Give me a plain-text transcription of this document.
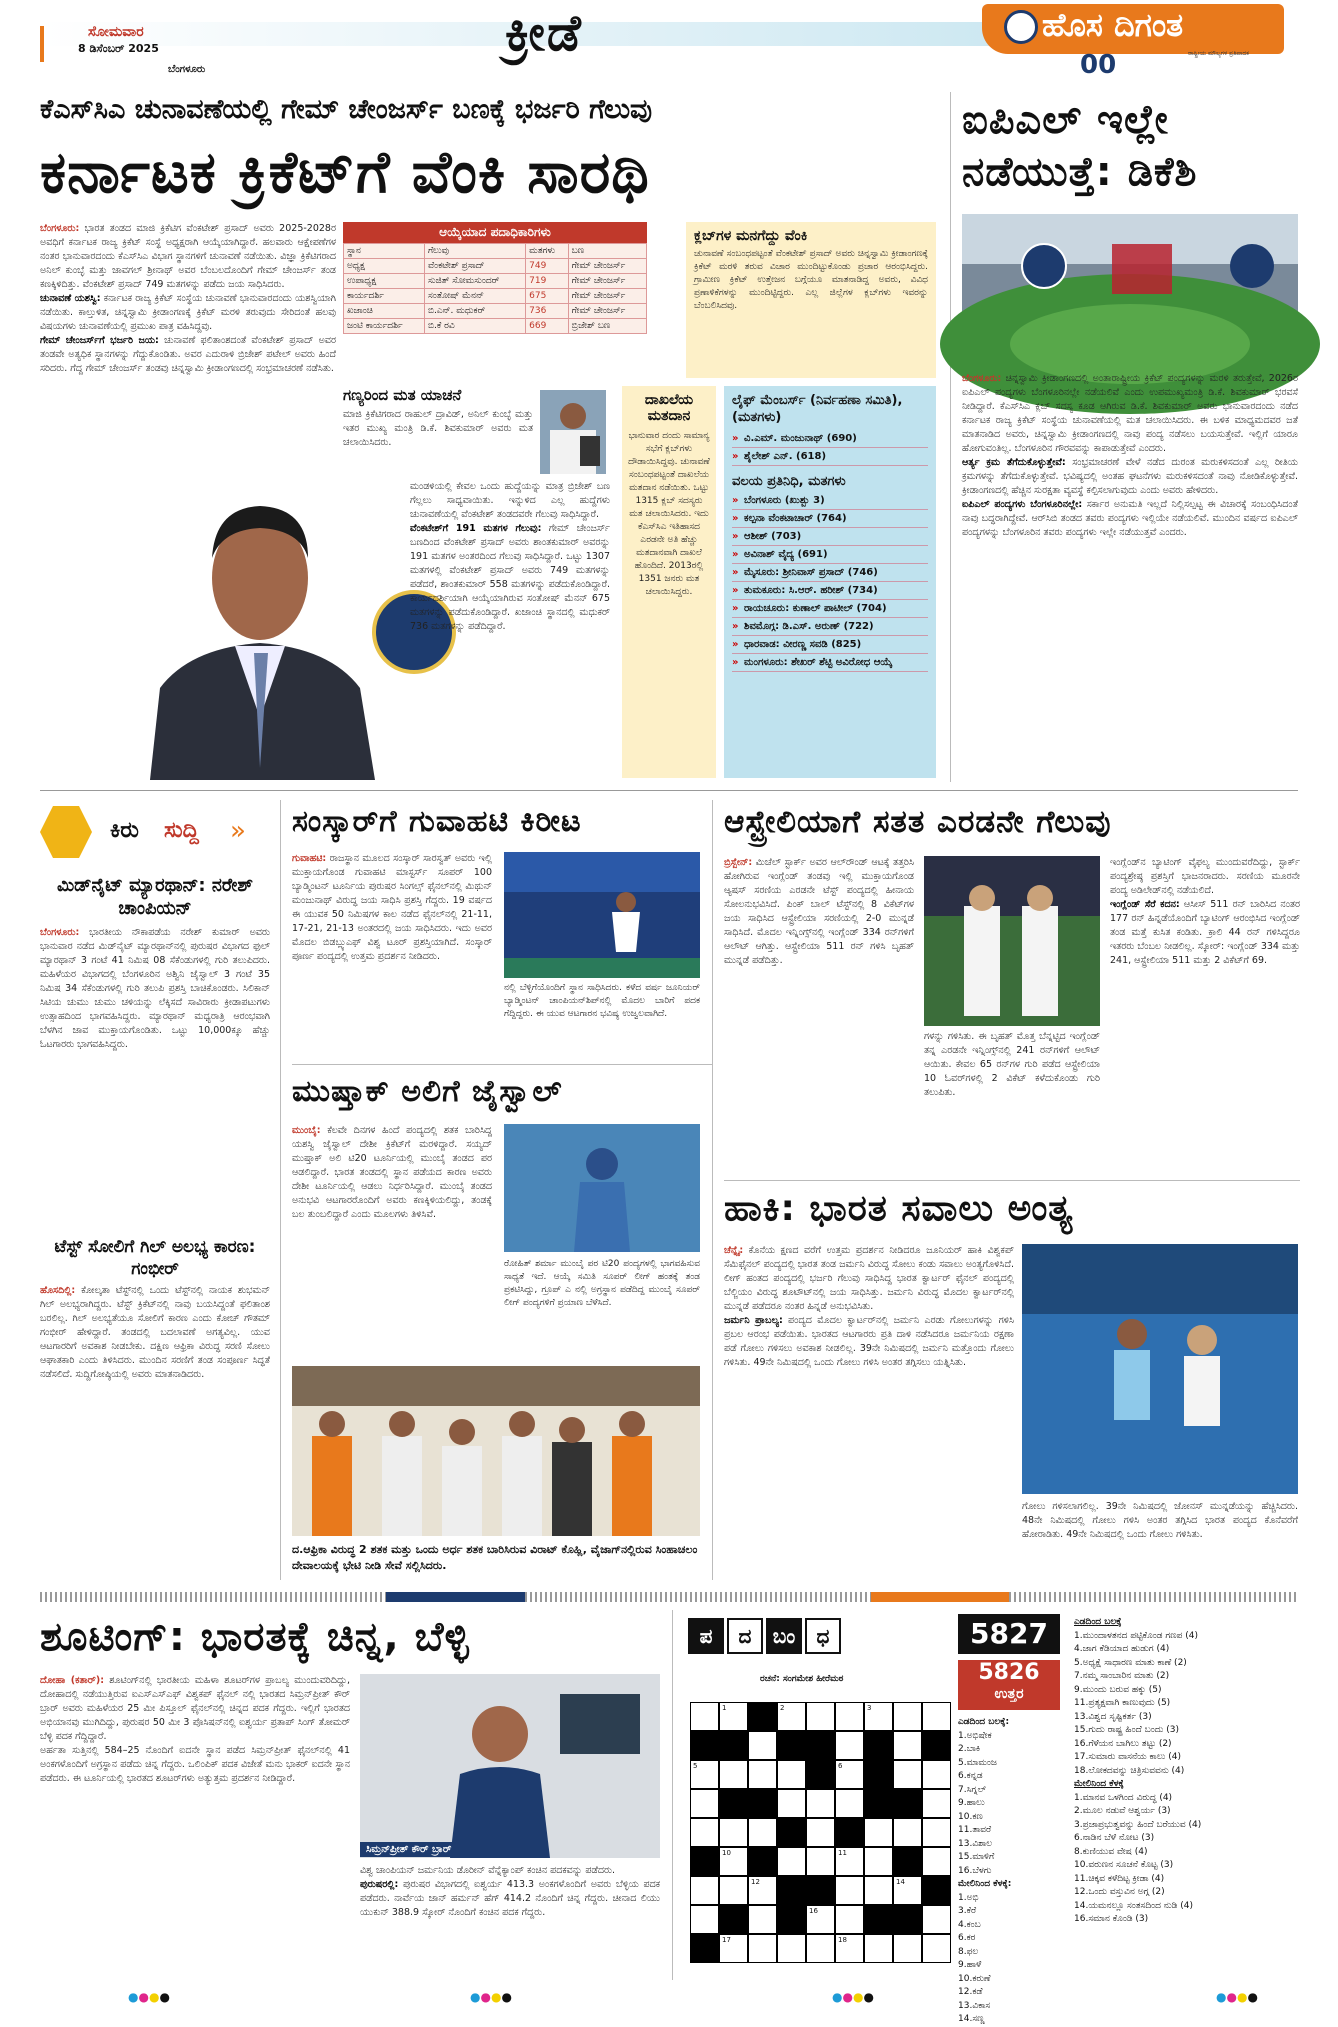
ಸೋಮವಾರ
8 ಡಿಸೆಂಬರ್ 2025
ಬೆಂಗಳೂರು
ಕ್ರೀಡೆ	ಹೊಸ ದಿಗಂತ
ರಾಷ್ಟ್ರೀಯ ಮೌಲ್ಯಗಳ ಪ್ರತಿಪಾದಕ
00
ಕೆಎಸ್‌ಸಿಎ ಚುನಾವಣೆಯಲ್ಲಿ ಗೇಮ್ ಚೇಂಜರ್ಸ್ ಬಣಕ್ಕೆ ಭರ್ಜರಿ ಗೆಲುವು
ಕರ್ನಾಟಕ ಕ್ರಿಕೆಟ್‌ಗೆ ವೆಂಕಿ ಸಾರಥಿ
ಬೆಂಗಳೂರು: ಭಾರತ ತಂಡದ ಮಾಜಿ ಕ್ರಿಕೆಟಿಗ ವೆಂಕಟೇಶ್ ಪ್ರಸಾದ್ ಅವರು 2025-2028ರ ಅವಧಿಗೆ ಕರ್ನಾಟಕ ರಾಜ್ಯ ಕ್ರಿಕೆಟ್ ಸಂಸ್ಥೆ ಅಧ್ಯಕ್ಷರಾಗಿ ಆಯ್ಕೆಯಾಗಿದ್ದಾರೆ. ಹಲವಾರು ಆಕ್ಷೇಪಣೆಗಳ ನಂತರ ಭಾನುವಾರದಂದು ಕೆಎಸ್‌ಸಿಎ ವಿಭಾಗ ಸ್ಥಾನಗಳಿಗೆ ಚುನಾವಣೆ ನಡೆಯಿತು. ವಿಜ್ಞಾ ಕ್ರಿಕೆಟಿಗರಾದ ಅನಿಲ್ ಕುಂಬ್ಳೆ ಮತ್ತು ಜಾವಗಲ್ ಶ್ರೀನಾಥ್ ಅವರ ಬೆಂಬಲದೊಂದಿಗೆ ಗೇಮ್ ಚೇಂಜರ್ಸ್ ತಂಡ ಕಣಕ್ಕಿಳಿದಿತ್ತು. ವೆಂಕಟೇಶ್ ಪ್ರಸಾದ್ 749 ಮತಗಳನ್ನು ಪಡೆದು ಜಯ ಸಾಧಿಸಿದರು.
ಚುನಾವಣೆ ಯಶಸ್ವಿ: ಕರ್ನಾಟಕ ರಾಜ್ಯ ಕ್ರಿಕೆಟ್ ಸಂಸ್ಥೆಯ ಚುನಾವಣೆ ಭಾನುವಾರದಂದು ಯಶಸ್ವಿಯಾಗಿ ನಡೆಯಿತು. ಕಾಲ್ತುಳಿತ, ಚಿನ್ನಸ್ವಾಮಿ ಕ್ರೀಡಾಂಗಣಕ್ಕೆ ಕ್ರಿಕೆಟ್ ಮರಳಿ ತರುವುದು ಸೇರಿದಂತೆ ಹಲವು ವಿಷಯಗಳು ಚುನಾವಣೆಯಲ್ಲಿ ಪ್ರಮುಖ ಪಾತ್ರ ವಹಿಸಿದ್ದವು.
ಗೇಮ್ ಚೇಂಜರ್ಸ್‌ಗೆ ಭರ್ಜರಿ ಜಯ: ಚುನಾವಣೆ ಫಲಿತಾಂಶದಂತೆ ವೆಂಕಟೇಶ್ ಪ್ರಸಾದ್ ಅವರ ತಂಡವೇ ಅತ್ಯಧಿಕ ಸ್ಥಾನಗಳನ್ನು ಗೆದ್ದುಕೊಂಡಿತು. ಅವರ ಎದುರಾಳಿ ಬ್ರಿಜೇಶ್ ಪಟೇಲ್ ಅವರು ಹಿಂದೆ ಸರಿದರು. ಗೆದ್ದ ಗೇಮ್ ಚೇಂಜರ್ಸ್ ತಂಡವು ಚಿನ್ನಸ್ವಾಮಿ ಕ್ರೀಡಾಂಗಣದಲ್ಲಿ ಸಂಭ್ರಮಾಚರಣೆ ನಡೆಸಿತು.
ಆಯ್ಕೆಯಾದ ಪದಾಧಿಕಾರಿಗಳು
ಸ್ಥಾನ	ಗೆಲುವು	ಮತಗಳು	ಬಣ
ಅಧ್ಯಕ್ಷ	ವೆಂಕಟೇಶ್ ಪ್ರಸಾದ್	749	ಗೇಮ್ ಚೇಂಜರ್ಸ್
ಉಪಾಧ್ಯಕ್ಷ	ಸುಜಿತ್ ಸೋಮಸುಂದರ್	719	ಗೇಮ್ ಚೇಂಜರ್ಸ್
ಕಾರ್ಯದರ್ಶಿ	ಸಂತೋಷ್ ಮೆನನ್	675	ಗೇಮ್ ಚೇಂಜರ್ಸ್
ಖಜಾಂಚಿ	ಬಿ.ಎನ್. ಮಧುಕರ್	736	ಗೇಮ್ ಚೇಂಜರ್ಸ್
ಜಂಟಿ ಕಾರ್ಯದರ್ಶಿ	ಬಿ.ಕೆ ರವಿ	669	ಬ್ರಿಜೇಶ್ ಬಣ
ಕ್ಲಬ್‌ಗಳ ಮನಗೆದ್ದು ವೆಂಕಿ
ಚುನಾವಣೆ ಸಂಬಂಧಪಟ್ಟಂತೆ ವೆಂಕಟೇಶ್ ಪ್ರಸಾದ್ ಅವರು ಚಿನ್ನಸ್ವಾಮಿ ಕ್ರೀಡಾಂಗಣಕ್ಕೆ ಕ್ರಿಕೆಟ್ ಮರಳಿ ತರುವ ವಿಚಾರ ಮುಂದಿಟ್ಟುಕೊಂಡು ಪ್ರಚಾರ ಆರಂಭಿಸಿದ್ದರು. ಗ್ರಾಮೀಣ ಕ್ರಿಕೆಟ್ ಉತ್ತೇಜನ ಬಗ್ಗೆಯೂ ಮಾತನಾಡಿದ್ದ ಅವರು, ವಿವಿಧ ಪ್ರಣಾಳಿಕೆಗಳನ್ನು ಮುಂದಿಟ್ಟಿದ್ದರು. ಎಲ್ಲ ಜಿಲ್ಲೆಗಳ ಕ್ಲಬ್‌ಗಳು ಇವರನ್ನು ಬೆಂಬಲಿಸಿದವು.
ಗಣ್ಯರಿಂದ ಮತ ಯಾಚನೆ
ಮಾಜಿ ಕ್ರಿಕೆಟಿಗರಾದ ರಾಹುಲ್ ದ್ರಾವಿಡ್, ಅನಿಲ್ ಕುಂಬ್ಳೆ ಮತ್ತು ಇತರ ಮುಖ್ಯ ಮಂತ್ರಿ ಡಿ.ಕೆ. ಶಿವಕುಮಾರ್ ಅವರು ಮತ ಚಲಾಯಿಸಿದರು.
ಮಂಡಳಿಯಲ್ಲಿ ಕೇವಲ ಒಂದು ಹುದ್ದೆಯನ್ನು ಮಾತ್ರ ಬ್ರಿಜೇಶ್ ಬಣ ಗೆಲ್ಲಲು ಸಾಧ್ಯವಾಯಿತು. ಇನ್ನುಳಿದ ಎಲ್ಲ ಹುದ್ದೆಗಳು ಚುನಾವಣೆಯಲ್ಲಿ ವೆಂಕಟೇಶ್ ತಂಡದವರೇ ಗೆಲುವು ಸಾಧಿಸಿದ್ದಾರೆ.
ವೆಂಕಟೇಶ್‌ಗೆ 191 ಮತಗಳ ಗೆಲುವು: ಗೇಮ್ ಚೇಂಜರ್ಸ್ ಬಣದಿಂದ ವೆಂಕಟೇಶ್ ಪ್ರಸಾದ್ ಅವರು ಶಾಂತಕುಮಾರ್ ಅವರನ್ನು 191 ಮತಗಳ ಅಂತರದಿಂದ ಗೆಲುವು ಸಾಧಿಸಿದ್ದಾರೆ. ಒಟ್ಟು 1307 ಮತಗಳಲ್ಲಿ ವೆಂಕಟೇಶ್ ಪ್ರಸಾದ್ ಅವರು 749 ಮತಗಳನ್ನು ಪಡೆದರೆ, ಶಾಂತಕುಮಾರ್ 558 ಮತಗಳನ್ನು ಪಡೆದುಕೊಂಡಿದ್ದಾರೆ. ಕಾರ್ಯದರ್ಶಿಯಾಗಿ ಆಯ್ಕೆಯಾಗಿರುವ ಸಂತೋಷ್ ಮೆನನ್ 675 ಮತಗಳನ್ನು ಪಡೆದುಕೊಂಡಿದ್ದಾರೆ. ಖಜಾಂಚಿ ಸ್ಥಾನದಲ್ಲಿ ಮಧುಕರ್ 736 ಮತಗಳನ್ನು ಪಡೆದಿದ್ದಾರೆ.
ದಾಖಲೆಯ ಮತದಾನ
ಭಾನುವಾರ ದಂದು ಸಾಮಾನ್ಯ ಸಭೆಗೆ ಕ್ಲಬ್‌ಗಳು ದೌಡಾಯಿಸಿದ್ದವು. ಚುನಾವಣೆ ಸಂಬಂಧಪಟ್ಟಂತೆ ದಾಖಲೆಯ ಮತದಾನ ನಡೆಯಿತು. ಒಟ್ಟು 1315 ಕ್ಲಬ್ ಸದಸ್ಯರು ಮತ ಚಲಾಯಿಸಿದರು. ಇದು ಕೆಎಸ್‌ಸಿಎ ಇತಿಹಾಸದ ಎರಡನೇ ಅತಿ ಹೆಚ್ಚು ಮತದಾನವಾಗಿ ದಾಖಲೆ ಹೊಂದಿದೆ. 2013ರಲ್ಲಿ 1351 ಜನರು ಮತ ಚಲಾಯಿಸಿದ್ದರು.
ಲೈಫ್ ಮೆಂಬರ್ಸ್ (ನಿರ್ವಹಣಾ ಸಮಿತಿ), (ಮತಗಳು)
» ವಿ.ಎಮ್. ಮಂಜುನಾಥ್ (690)
» ಶೈಲೇಶ್ ಎನ್. (618)
ವಲಯ ಪ್ರತಿನಿಧಿ, ಮತಗಳು
» ಬೆಂಗಳೂರು (ಖುಶ್ಬು 3)
» ಕಲ್ಪನಾ ವೆಂಕಟಾಚಾರ್ (764)
» ಆಶೀಶ್ (703)
» ಅವಿನಾಶ್ ವೈದ್ಯ (691)
» ಮೈಸೂರು: ಶ್ರೀನಿವಾಸ್ ಪ್ರಸಾದ್ (746)
» ತುಮಕೂರು: ಸಿ.ಆರ್. ಹರೀಶ್ (734)
» ರಾಯಚೂರು: ಕುಣಾಲ್ ಪಾಟೀಲ್ (704)
» ಶಿವಮೊಗ್ಗ: ಡಿ.ಎಸ್. ಅರುಣ್ (722)
» ಧಾರವಾಡ: ವೀರಣ್ಣ ಸವಡಿ (825)
» ಮಂಗಳೂರು: ಶೇಖರ್ ಶೆಟ್ಟಿ ಅವಿರೋಧ ಆಯ್ಕೆ
ಐಪಿಎಲ್ ಇಲ್ಲೇ ನಡೆಯುತ್ತೆ: ಡಿಕೆಶಿ
ಬೆಂಗಳೂರು: ಚಿನ್ನಸ್ವಾಮಿ ಕ್ರೀಡಾಂಗಣದಲ್ಲಿ ಅಂತಾರಾಷ್ಟ್ರೀಯ ಕ್ರಿಕೆಟ್ ಪಂದ್ಯಗಳನ್ನು ಮರಳಿ ತರುತ್ತೇವೆ, 2026ರ ಐಪಿಎಲ್ ಪಂದ್ಯಗಳು ಬೆಂಗಳೂರಿನಲ್ಲೇ ನಡೆಯಲಿವೆ ಎಂದು ಉಪಮುಖ್ಯಮಂತ್ರಿ ಡಿ.ಕೆ. ಶಿವಕುಮಾರ್ ಭರವಸೆ ನೀಡಿದ್ದಾರೆ. ಕೆಎಸ್‌ಸಿಎ ಕ್ಲಬ್ ಸದಸ್ಯ ಕೂಡ ಆಗಿರುವ ಡಿ.ಕೆ. ಶಿವಕುಮಾರ್ ಅವರು ಭಾನುವಾರದಂದು ನಡೆದ ಕರ್ನಾಟಕ ರಾಜ್ಯ ಕ್ರಿಕೆಟ್ ಸಂಸ್ಥೆಯ ಚುನಾವಣೆಯಲ್ಲಿ ಮತ ಚಲಾಯಿಸಿದರು. ಈ ಬಳಿಕ ಮಾಧ್ಯಮದವರ ಜತೆ ಮಾತನಾಡಿದ ಅವರು, ಚಿನ್ನಸ್ವಾಮಿ ಕ್ರೀಡಾಂಗಣದಲ್ಲಿ ನಾವು ಪಂದ್ಯ ನಡೆಸಲು ಬಯಸುತ್ತೇವೆ. ಇಲ್ಲಿಗೆ ಯಾರೂ ಹೋಗುವಂತಿಲ್ಲ. ಬೆಂಗಳೂರಿನ ಗೌರವವನ್ನು ಕಾಪಾಡುತ್ತೇವೆ ಎಂದರು.
ಆರ್ತ್ಯ ಕ್ರಮ ತೆಗೆದುಕೊಳ್ಳುತ್ತೇವೆ: ಸಂಭ್ರಮಾಚರಣೆ ವೇಳೆ ನಡೆದ ದುರಂತ ಮರುಕಳಿಸದಂತೆ ಎಲ್ಲ ರೀತಿಯ ಕ್ರಮಗಳನ್ನು ತೆಗೆದುಕೊಳ್ಳುತ್ತೇವೆ. ಭವಿಷ್ಯದಲ್ಲಿ ಅಂತಹ ಘಟನೆಗಳು ಮರುಕಳಿಸದಂತೆ ನಾವು ನೋಡಿಕೊಳ್ಳುತ್ತೇವೆ. ಕ್ರೀಡಾಂಗಣದಲ್ಲಿ ಹೆಚ್ಚಿನ ಸುರಕ್ಷತಾ ವ್ಯವಸ್ಥೆ ಕಲ್ಪಿಸಲಾಗುವುದು ಎಂದು ಅವರು ಹೇಳಿದರು.
ಐಪಿಎಲ್ ಪಂದ್ಯಗಳು ಬೆಂಗಳೂರಿನಲ್ಲೇ: ಸರ್ಕಾರ ಅನುಮತಿ ಇಲ್ಲದೆ ನಿಲ್ಲಿಸಲ್ಪಟ್ಟ ಈ ವಿಚಾರಕ್ಕೆ ಸಂಬಂಧಿಸಿದಂತೆ ನಾವು ಬದ್ಧರಾಗಿದ್ದೇವೆ. ಆರ್‌ಸಿಬಿ ತಂಡದ ತವರು ಪಂದ್ಯಗಳು ಇಲ್ಲಿಯೇ ನಡೆಯಲಿವೆ. ಮುಂದಿನ ವರ್ಷದ ಐಪಿಎಲ್ ಪಂದ್ಯಗಳನ್ನು ಬೆಂಗಳೂರಿನ ತವರು ಪಂದ್ಯಗಳು ಇಲ್ಲೇ ನಡೆಯುತ್ತವೆ ಎಂದರು.
ಕಿರು ಸುದ್ದಿ »
ಮಿಡ್‌ನೈಟ್ ಮ್ಯಾರಥಾನ್: ನರೇಶ್ ಚಾಂಪಿಯನ್
ಬೆಂಗಳೂರು: ಭಾರತೀಯ ನೌಕಾಪಡೆಯ ನರೇಶ್ ಕುಮಾರ್ ಅವರು ಭಾನುವಾರ ನಡೆದ ಮಿಡ್‌ನೈಟ್ ಮ್ಯಾರಥಾನ್‌ನಲ್ಲಿ ಪುರುಷರ ವಿಭಾಗದ ಫುಲ್ ಮ್ಯಾರಥಾನ್ 3 ಗಂಟೆ 41 ನಿಮಿಷ 08 ಸೆಕೆಂಡುಗಳಲ್ಲಿ ಗುರಿ ತಲುಪಿದರು. ಮಹಿಳೆಯರ ವಿಭಾಗದಲ್ಲಿ ಬೆಂಗಳೂರಿನ ಅಶ್ವಿನಿ ಜೈಸ್ವಾಲ್ 3 ಗಂಟೆ 35 ನಿಮಿಷ 34 ಸೆಕೆಂಡುಗಳಲ್ಲಿ ಗುರಿ ತಲುಪಿ ಪ್ರಶಸ್ತಿ ಬಾಚಿಕೊಂಡರು. ಸಿಲಿಕಾನ್ ಸಿಟಿಯ ಚುಮು ಚುಮು ಚಳಿಯನ್ನು ಲೆಕ್ಕಿಸದೆ ಸಾವಿರಾರು ಕ್ರೀಡಾಪಟುಗಳು ಉತ್ಸಾಹದಿಂದ ಭಾಗವಹಿಸಿದ್ದರು. ಮ್ಯಾರಥಾನ್ ಮಧ್ಯರಾತ್ರಿ ಆರಂಭವಾಗಿ ಬೆಳಗಿನ ಜಾವ ಮುಕ್ತಾಯಗೊಂಡಿತು. ಒಟ್ಟು 10,000ಕ್ಕೂ ಹೆಚ್ಚು ಓಟಗಾರರು ಭಾಗವಹಿಸಿದ್ದರು.
ಟೆಸ್ಟ್ ಸೋಲಿಗೆ ಗಿಲ್ ಅಲಭ್ಯ ಕಾರಣ: ಗಂಭೀರ್
ಹೊಸದಿಲ್ಲಿ: ಕೋಲ್ಕತಾ ಟೆಸ್ಟ್‌ನಲ್ಲಿ ಒಂದು ಟೆಸ್ಟ್‌ನಲ್ಲಿ ನಾಯಕ ಶುಭಮನ್ ಗಿಲ್ ಅಲಭ್ಯರಾಗಿದ್ದರು. ಟೆಸ್ಟ್ ಕ್ರಿಕೆಟ್‌ನಲ್ಲಿ ನಾವು ಬಯಸಿದ್ದಂತೆ ಫಲಿತಾಂಶ ಬರಲಿಲ್ಲ. ಗಿಲ್ ಅಲಭ್ಯತೆಯೂ ಸೋಲಿಗೆ ಕಾರಣ ಎಂದು ಕೋಚ್ ಗೌತಮ್ ಗಂಭೀರ್ ಹೇಳಿದ್ದಾರೆ. ತಂಡದಲ್ಲಿ ಬದಲಾವಣೆ ಅಗತ್ಯವಿಲ್ಲ. ಯುವ ಆಟಗಾರರಿಗೆ ಅವಕಾಶ ನೀಡಬೇಕು. ದಕ್ಷಿಣ ಆಫ್ರಿಕಾ ವಿರುದ್ಧ ಸರಣಿ ಸೋಲು ಆಘಾತಕಾರಿ ಎಂದು ತಿಳಿಸಿದರು. ಮುಂದಿನ ಸರಣಿಗೆ ತಂಡ ಸಂಪೂರ್ಣ ಸಿದ್ಧತೆ ನಡೆಸಲಿದೆ. ಸುದ್ದಿಗೋಷ್ಠಿಯಲ್ಲಿ ಅವರು ಮಾತನಾಡಿದರು.
ಸಂಸ್ಕಾರ್‌ಗೆ ಗುವಾಹಟಿ ಕಿರೀಟ
ಗುವಾಹಟಿ: ರಾಜಸ್ಥಾನ ಮೂಲದ ಸಂಸ್ಕಾರ್ ಸಾರಸ್ವತ್ ಅವರು ಇಲ್ಲಿ ಮುಕ್ತಾಯಗೊಂಡ ಗುವಾಹಟಿ ಮಾಸ್ಟರ್ಸ್ ಸೂಪರ್ 100 ಬ್ಯಾಡ್ಮಿಂಟನ್ ಟೂರ್ನಿಯ ಪುರುಷರ ಸಿಂಗಲ್ಸ್ ಫೈನಲ್‌ನಲ್ಲಿ ಮಿಥುನ್ ಮಂಜುನಾಥ್ ವಿರುದ್ಧ ಜಯ ಸಾಧಿಸಿ ಪ್ರಶಸ್ತಿ ಗೆದ್ದರು. 19 ವರ್ಷದ ಈ ಯುವಕ 50 ನಿಮಿಷಗಳ ಕಾಲ ನಡೆದ ಫೈನಲ್‌ನಲ್ಲಿ 21-11, 17-21, 21-13 ಅಂತರದಲ್ಲಿ ಜಯ ಸಾಧಿಸಿದರು. ಇದು ಅವರ ಮೊದಲ ಬಿಡಬ್ಲ್ಯುಎಫ್ ವಿಶ್ವ ಟೂರ್ ಪ್ರಶಸ್ತಿಯಾಗಿದೆ. ಸಂಸ್ಕಾರ್ ಪೂರ್ಣ ಪಂದ್ಯದಲ್ಲಿ ಉತ್ತಮ ಪ್ರದರ್ಶನ ನೀಡಿದರು.
ನಲ್ಲಿ ಬೆಳ್ಳಿಗೆಯೊಂದಿಗೆ ಸ್ಥಾನ ಸಾಧಿಸಿದರು. ಕಳೆದ ವರ್ಷ ಜೂನಿಯರ್ ಬ್ಯಾಡ್ಮಿಂಟನ್ ಚಾಂಪಿಯನ್‌ಶಿಪ್‌ನಲ್ಲಿ ಮೊದಲ ಬಾರಿಗೆ ಪದಕ ಗೆದ್ದಿದ್ದರು. ಈ ಯುವ ಆಟಗಾರನ ಭವಿಷ್ಯ ಉಜ್ವಲವಾಗಿದೆ.
ಮುಷ್ತಾಕ್ ಅಲಿಗೆ ಜೈಸ್ವಾಲ್
ಮುಂಬೈ: ಕೆಲವೇ ದಿನಗಳ ಹಿಂದೆ ಪಂದ್ಯದಲ್ಲಿ ಶತಕ ಬಾರಿಸಿದ್ದ ಯಶಸ್ವಿ ಜೈಸ್ವಾಲ್ ದೇಶೀ ಕ್ರಿಕೆಟ್‌ಗೆ ಮರಳಿದ್ದಾರೆ. ಸಯ್ಯದ್ ಮುಷ್ತಾಕ್ ಅಲಿ ಟಿ20 ಟೂರ್ನಿಯಲ್ಲಿ ಮುಂಬೈ ತಂಡದ ಪರ ಆಡಲಿದ್ದಾರೆ. ಭಾರತ ತಂಡದಲ್ಲಿ ಸ್ಥಾನ ಪಡೆಯದ ಕಾರಣ ಅವರು ದೇಶೀ ಟೂರ್ನಿಯಲ್ಲಿ ಆಡಲು ನಿರ್ಧರಿಸಿದ್ದಾರೆ. ಮುಂಬೈ ತಂಡದ ಅನುಭವಿ ಆಟಗಾರರೊಂದಿಗೆ ಅವರು ಕಣಕ್ಕಿಳಿಯಲಿದ್ದು, ತಂಡಕ್ಕೆ ಬಲ ತುಂಬಲಿದ್ದಾರೆ ಎಂದು ಮೂಲಗಳು ತಿಳಿಸಿವೆ.
ರೋಹಿತ್ ಶರ್ಮಾ ಮುಂಬೈ ಪರ ಟಿ20 ಪಂದ್ಯಗಳಲ್ಲಿ ಭಾಗವಹಿಸುವ ಸಾಧ್ಯತೆ ಇದೆ. ಆಯ್ಕೆ ಸಮಿತಿ ಸೂಪರ್ ಲೀಗ್ ಹಂತಕ್ಕೆ ತಂಡ ಪ್ರಕಟಿಸಿದ್ದು, ಗ್ರೂಪ್ ಎ ನಲ್ಲಿ ಅಗ್ರಸ್ಥಾನ ಪಡೆದಿದ್ದ ಮುಂಬೈ ಸೂಪರ್ ಲೀಗ್ ಪಂದ್ಯಗಳಿಗೆ ಪ್ರಯಾಣ ಬೆಳೆಸಿದೆ.
ದ.ಆಫ್ರಿಕಾ ವಿರುದ್ಧ 2 ಶತಕ ಮತ್ತು ಒಂದು ಅರ್ಧ ಶತಕ ಬಾರಿಸಿರುವ ವಿರಾಟ್ ಕೊಹ್ಲಿ, ವೈಜಾಗ್‌ನಲ್ಲಿರುವ ಸಿಂಹಾಚಲಂ ದೇವಾಲಯಕ್ಕೆ ಭೇಟಿ ನೀಡಿ ಸೇವೆ ಸಲ್ಲಿಸಿದರು.
ಆಸ್ಟ್ರೇಲಿಯಾಗೆ ಸತತ ಎರಡನೇ ಗೆಲುವು
ಬ್ರಿಸ್ಬೇನ್: ಮಿಚೆಲ್ ಸ್ಟಾರ್ಕ್ ಅವರ ಆಲ್‌ರೌಂಡ್ ಆಟಕ್ಕೆ ತತ್ತರಿಸಿ ಹೋಗಿರುವ ಇಂಗ್ಲೆಂಡ್ ತಂಡವು ಇಲ್ಲಿ ಮುಕ್ತಾಯಗೊಂಡ ಆ್ಯಷಸ್ ಸರಣಿಯ ಎರಡನೇ ಟೆಸ್ಟ್ ಪಂದ್ಯದಲ್ಲಿ ಹೀನಾಯ ಸೋಲನುಭವಿಸಿದೆ. ಪಿಂಕ್ ಬಾಲ್ ಟೆಸ್ಟ್‌ನಲ್ಲಿ 8 ವಿಕೆಟ್‌ಗಳ ಜಯ ಸಾಧಿಸಿದ ಆಸ್ಟ್ರೇಲಿಯಾ ಸರಣಿಯಲ್ಲಿ 2-0 ಮುನ್ನಡೆ ಸಾಧಿಸಿದೆ. ಮೊದಲ ಇನ್ನಿಂಗ್ಸ್‌ನಲ್ಲಿ ಇಂಗ್ಲೆಂಡ್ 334 ರನ್‌ಗಳಿಗೆ ಆಲೌಟ್ ಆಗಿತ್ತು. ಆಸ್ಟ್ರೇಲಿಯಾ 511 ರನ್ ಗಳಿಸಿ ಬೃಹತ್ ಮುನ್ನಡೆ ಪಡೆದಿತ್ತು.
ಗಳನ್ನು ಗಳಿಸಿತು. ಈ ಬೃಹತ್ ಮೊತ್ತ ಬೆನ್ನಟ್ಟಿದ ಇಂಗ್ಲೆಂಡ್ ತನ್ನ ಎರಡನೇ ಇನ್ನಿಂಗ್ಸ್‌ನಲ್ಲಿ 241 ರನ್‌ಗಳಿಗೆ ಆಲೌಟ್ ಆಯಿತು. ಕೇವಲ 65 ರನ್‌ಗಳ ಗುರಿ ಪಡೆದ ಆಸ್ಟ್ರೇಲಿಯಾ 10 ಓವರ್‌ಗಳಲ್ಲಿ 2 ವಿಕೆಟ್ ಕಳೆದುಕೊಂಡು ಗುರಿ ತಲುಪಿತು.
ಇಂಗ್ಲೆಂಡ್‌ನ ಬ್ಯಾಟಿಂಗ್ ವೈಫಲ್ಯ ಮುಂದುವರೆದಿದ್ದು, ಸ್ಟಾರ್ಕ್ ಪಂದ್ಯಶ್ರೇಷ್ಠ ಪ್ರಶಸ್ತಿಗೆ ಭಾಜನರಾದರು. ಸರಣಿಯ ಮೂರನೇ ಪಂದ್ಯ ಅಡಿಲೇಡ್‌ನಲ್ಲಿ ನಡೆಯಲಿದೆ.
ಇಂಗ್ಲೆಂಡ್ ಸೆರೆ ಕದನ: ಆಸೀಸ್ 511 ರನ್ ಬಾರಿಸಿದ ನಂತರ 177 ರನ್ ಹಿನ್ನಡೆಯೊಂದಿಗೆ ಬ್ಯಾಟಿಂಗ್ ಆರಂಭಿಸಿದ ಇಂಗ್ಲೆಂಡ್ ತಂಡ ಮತ್ತೆ ಕುಸಿತ ಕಂಡಿತು. ಕ್ರಾಲಿ 44 ರನ್ ಗಳಿಸಿದ್ದರೂ ಇತರರು ಬೆಂಬಲ ನೀಡಲಿಲ್ಲ. ಸ್ಕೋರ್: ಇಂಗ್ಲೆಂಡ್ 334 ಮತ್ತು 241, ಆಸ್ಟ್ರೇಲಿಯಾ 511 ಮತ್ತು 2 ವಿಕೆಟ್‌ಗೆ 69.
ಹಾಕಿ: ಭಾರತ ಸವಾಲು ಅಂತ್ಯ
ಚೆನ್ನೈ: ಕೊನೆಯ ಕ್ಷಣದ ವರೆಗೆ ಉತ್ತಮ ಪ್ರದರ್ಶನ ನೀಡಿದರೂ ಜೂನಿಯರ್ ಹಾಕಿ ವಿಶ್ವಕಪ್ ಸೆಮಿಫೈನಲ್ ಪಂದ್ಯದಲ್ಲಿ ಭಾರತ ತಂಡ ಜರ್ಮನಿ ವಿರುದ್ಧ ಸೋಲು ಕಂಡು ಸವಾಲು ಅಂತ್ಯಗೊಳಿಸಿದೆ. ಲೀಗ್ ಹಂತದ ಪಂದ್ಯದಲ್ಲಿ ಭರ್ಜರಿ ಗೆಲುವು ಸಾಧಿಸಿದ್ದ ಭಾರತ ಕ್ವಾರ್ಟರ್ ಫೈನಲ್ ಪಂದ್ಯದಲ್ಲಿ ಬೆಲ್ಜಿಯಂ ವಿರುದ್ಧ ಶೂಟೌಟ್‌ನಲ್ಲಿ ಜಯ ಸಾಧಿಸಿತ್ತು. ಜರ್ಮನಿ ವಿರುದ್ಧ ಮೊದಲ ಕ್ವಾರ್ಟರ್‌ನಲ್ಲಿ ಮುನ್ನಡೆ ಪಡೆದರೂ ನಂತರ ಹಿನ್ನಡೆ ಅನುಭವಿಸಿತು.
ಜರ್ಮನಿ ಪ್ರಾಬಲ್ಯ: ಪಂದ್ಯದ ಮೊದಲ ಕ್ವಾರ್ಟರ್‌ನಲ್ಲಿ ಜರ್ಮನಿ ಎರಡು ಗೋಲುಗಳನ್ನು ಗಳಿಸಿ ಪ್ರಬಲ ಆರಂಭ ಪಡೆಯಿತು. ಭಾರತದ ಆಟಗಾರರು ಪ್ರತಿ ದಾಳಿ ನಡೆಸಿದರೂ ಜರ್ಮನಿಯ ರಕ್ಷಣಾ ಪಡೆ ಗೋಲು ಗಳಿಸಲು ಅವಕಾಶ ನೀಡಲಿಲ್ಲ. 39ನೇ ನಿಮಿಷದಲ್ಲಿ ಜರ್ಮನಿ ಮತ್ತೊಂದು ಗೋಲು ಗಳಿಸಿತು. 49ನೇ ನಿಮಿಷದಲ್ಲಿ ಒಂದು ಗೋಲು ಗಳಿಸಿ ಅಂತರ ತಗ್ಗಿಸಲು ಯತ್ನಿಸಿತು.
ಗೋಲು ಗಳಿಸಲಾಗಲಿಲ್ಲ. 39ನೇ ನಿಮಿಷದಲ್ಲಿ ಜೋನಸ್ ಮುನ್ನಡೆಯನ್ನು ಹೆಚ್ಚಿಸಿದರು. 48ನೇ ನಿಮಿಷದಲ್ಲಿ ಗೋಲು ಗಳಿಸಿ ಅಂತರ ತಗ್ಗಿಸಿದ ಭಾರತ ಪಂದ್ಯದ ಕೊನೆವರೆಗೆ ಹೋರಾಡಿತು. 49ನೇ ನಿಮಿಷದಲ್ಲಿ ಒಂದು ಗೋಲು ಗಳಿಸಿತು.
ಶೂಟಿಂಗ್: ಭಾರತಕ್ಕೆ ಚಿನ್ನ, ಬೆಳ್ಳಿ
ದೋಹಾ (ಕತಾರ್): ಶೂಟಿಂಗ್‌ನಲ್ಲಿ ಭಾರತೀಯ ಮಹಿಳಾ ಶೂಟರ್‌ಗಳ ಪ್ರಾಬಲ್ಯ ಮುಂದುವರಿದಿದ್ದು, ದೋಹಾದಲ್ಲಿ ನಡೆಯುತ್ತಿರುವ ಐಎಸ್‌ಎಸ್‌ಎಫ್ ವಿಶ್ವಕಪ್ ಫೈನಲ್ ನಲ್ಲಿ ಭಾರತದ ಸಿಮ್ರನ್‌ಪ್ರೀತ್ ಕೌರ್ ಬ್ರಾರ್ ಅವರು ಮಹಿಳೆಯರ 25 ಮೀ ಪಿಸ್ತೂಲ್ ಫೈನಲ್‌ನಲ್ಲಿ ಚಿನ್ನದ ಪದಕ ಗೆದ್ದರು. ಇಲ್ಲಿಗೆ ಭಾರತದ ಅಭಿಯಾನವು ಮುಗಿದಿದ್ದು, ಪುರುಷರ 50 ಮೀ 3 ಪೊಸಿಷನ್‌ನಲ್ಲಿ ಐಶ್ವರ್ಯ ಪ್ರತಾಪ್ ಸಿಂಗ್ ತೋಮರ್ ಬೆಳ್ಳಿ ಪದಕ ಗೆದ್ದಿದ್ದಾರೆ.
ಅರ್ಹತಾ ಸುತ್ತಿನಲ್ಲಿ 584–25 ನೊಂದಿಗೆ ಐದನೇ ಸ್ಥಾನ ಪಡೆದ ಸಿಮ್ರನ್‌ಪ್ರೀತ್ ಫೈನಲ್‌ನಲ್ಲಿ 41 ಅಂಕಗಳೊಂದಿಗೆ ಅಗ್ರಸ್ಥಾನ ಪಡೆದು ಚಿನ್ನ ಗೆದ್ದರು. ಒಲಿಂಪಿಕ್ ಪದಕ ವಿಜೇತೆ ಮನು ಭಾಕರ್ ಐದನೇ ಸ್ಥಾನ ಪಡೆದರು. ಈ ಟೂರ್ನಿಯಲ್ಲಿ ಭಾರತದ ಶೂಟರ್‌ಗಳು ಅತ್ಯುತ್ತಮ ಪ್ರದರ್ಶನ ನೀಡಿದ್ದಾರೆ.
ಸಿಮ್ರನ್‌ಪ್ರೀತ್ ಕೌರ್ ಬ್ರಾರ್
ವಿಶ್ವ ಚಾಂಪಿಯನ್ ಜರ್ಮನಿಯ ಡೊರೀನ್ ವೆನ್ನೆಕ್ಯಾಂಪ್ ಕಂಚಿನ ಪದಕವನ್ನು ಪಡೆದರು.
ಪುರುಷರಲ್ಲಿ: ಪುರುಷರ ವಿಭಾಗದಲ್ಲಿ ಐಶ್ವರ್ಯ 413.3 ಅಂಕಗಳೊಂದಿಗೆ ಅವರು ಬೆಳ್ಳಿಯ ಪದಕ ಪಡೆದರು. ನಾರ್ವೆಯ ಜಾನ್ ಹರ್ಮನ್ ಹೆಗ್ 414.2 ನೊಂದಿಗೆ ಚಿನ್ನ ಗೆದ್ದರು. ಚೀನಾದ ಲಿಯು ಯುಕುನ್ 388.9 ಸ್ಕೋರ್ ನೊಂದಿಗೆ ಕಂಚಿನ ಪದಕ ಗೆದ್ದರು.
ಪ	ದ	ಬಂ	ಧ
ರಚನೆ: ಸಂಗಮೇಶ ಹೀರೆಮಠ
1	2	3
5	6
10	11
12	14
16
17	18
5827
5826
ಉತ್ತರ
ಎಡದಿಂದ ಬಲಕ್ಕೆ:
1.ಅಭಿಷೇಕ
2.ಬಾಕಿ
5.ಮಾಮಂಜ
6.ಕನ್ನಡ
7.ಸಿಗ್ನಲ್
9.ಹಾಲು
10.ಕಣ
11.ತಾವರೆ
13.ವಿಶಾಲ
15.ಮಾಳಿಗೆ
16.ಬೆಳಗು
ಮೇಲಿನಿಂದ ಕೆಳಕ್ಕೆ:
1.ಅಭಿ
3.ಕೆರೆ
4.ಕಂಬ
6.ಕರ
8.ಫಲ
9.ಹಾಳೆ
10.ಕರುಣೆ
12.ಕಡೆ
13.ವಿಕಾಸ
14.ಸಣ್ಣ
ಎಡದಿಂದ ಬಲಕ್ಕೆ
1.ಮುಂದಾಳತನದ ಪಟ್ಟಿಕೊಂಡ ಗಣಪ (4)
4.ಜಾಗ ಕೆಡಿಯಾದ ಹುಡುಗ (4)
5.ಅಧ್ಯಕ್ಷೆ ಸಾಧಾರಣ ಮಾತು ಕಾಣೆ (2)
7.ನಮ್ಮ ಸಾಂಬಾರಿನ ಮಾತು (2)
9.ಮುಂದು ಬರುವ ಹಕ್ಕು (5)
11.ಪ್ರತ್ಯಕ್ಷವಾಗಿ ಕಾಣುವುದು (5)
13.ವಿಶ್ವದ ಸೃಷ್ಟಿಕರ್ತ (3)
15.ಗುದು ರಾಷ್ಟ್ರ ಹಿಂದೆ ಬಂದು (3)
16.ಗೆಳೆಯನ ಬಾಗಿಲು ತಟ್ಟು (2)
17.ಸುಮಾರು ವಾಸನೆಯ ಕಾಲು (4)
18.ಲೋಕದವನ್ನು ಚಿತ್ರಿಸುವವನು (4)
ಮೇಲಿನಿಂದ ಕೆಳಕ್ಕೆ
1.ಮಾನವ ಒಳಗಿಂದ ವಿರುದ್ಧ (4)
2.ಮೂಲ ನಡುವೆ ಆಶ್ವರ್ಯ (3)
3.ಪ್ರಜಾಪ್ರಭುತ್ವವನ್ನು ಹಿಂದೆ ಬರೆಯುವ (4)
6.ನಾಡಿನ ಬೆಳೆ ನೋಟ (3)
8.ಕುಣಿಯುವ ವೇಷ (4)
10.ವರುಣನ ಸೂಚನೆ ಕೊಟ್ಟ (3)
11.ಚಿಕ್ಕವ ಕಳೆದಿಟ್ಟ ಕ್ರೀಡಾ (4)
12.ಒಂದು ವಸ್ತುವಿನ ಅಗ್ಗ (2)
14.ಯಮನಲ್ಲೂ ಸಂತಸದಿಂದ ನುಡಿ (4)
16.ಸಮಾನ ಕೊಂಡಿ (3)
●●●●	●●●●	●●●●	●●●●
